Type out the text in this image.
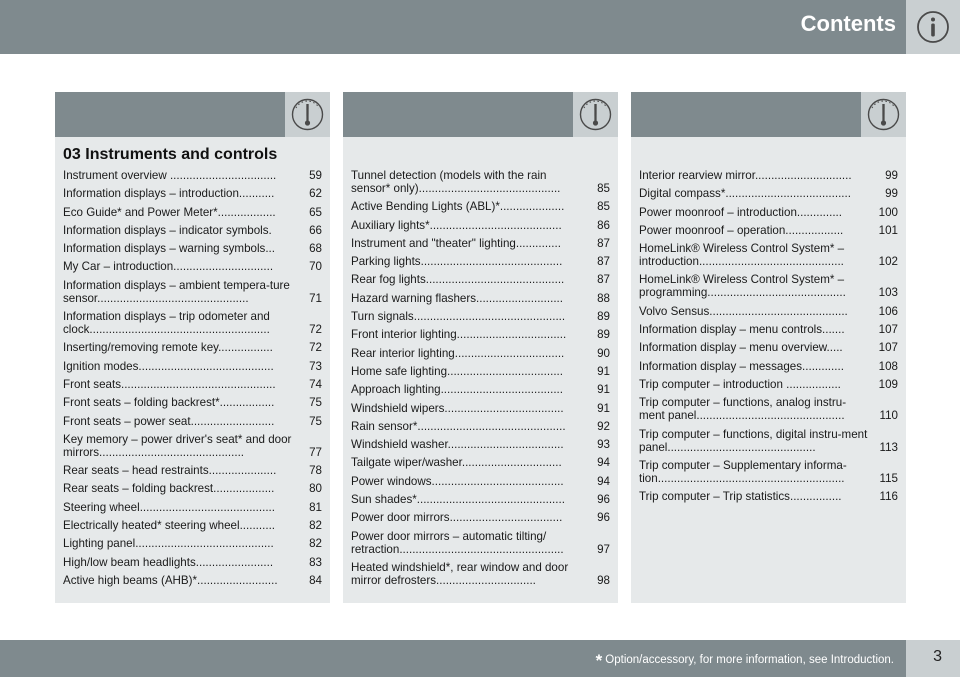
Contents
03 Instruments and controls
Instrument overview .................................	59
Information displays – introduction...........	62
Eco Guide* and Power Meter*..................	65
Information displays – indicator symbols.	66
Information displays – warning symbols...	68
My Car – introduction...............................	70
Information displays – ambient tempera-ture sensor...............................................	71
Information displays – trip odometer and clock........................................................	72
Inserting/removing remote key.................	72
Ignition modes..........................................	73
Front seats................................................	74
Front seats – folding backrest*.................	75
Front seats – power seat..........................	75
Key memory – power driver's seat* and door mirrors.............................................	77
Rear seats – head restraints.....................	78
Rear seats – folding backrest...................	80
Steering wheel..........................................	81
Electrically heated* steering wheel...........	82
Lighting panel...........................................	82
High/low beam headlights........................	83
Active high beams (AHB)*.........................	84
Tunnel detection (models with the rain sensor* only)............................................	85
Active Bending Lights (ABL)*....................	85
Auxiliary lights*.........................................	86
Instrument and "theater" lighting..............	87
Parking lights............................................	87
Rear fog lights...........................................	87
Hazard warning flashers...........................	88
Turn signals...............................................	89
Front interior lighting..................................	89
Rear interior lighting..................................	90
Home safe lighting....................................	91
Approach lighting......................................	91
Windshield wipers.....................................	91
Rain sensor*..............................................	92
Windshield washer....................................	93
Tailgate wiper/washer...............................	94
Power windows.........................................	94
Sun shades*..............................................	96
Power door mirrors...................................	96
Power door mirrors – automatic tilting/ retraction...................................................	97
Heated windshield*, rear window and door mirror defrosters...............................	98
Interior rearview mirror..............................	99
Digital compass*.......................................	99
Power moonroof – introduction..............	100
Power moonroof – operation..................	101
HomeLink® Wireless Control System* – introduction.............................................	102
HomeLink® Wireless Control System* – programming...........................................	103
Volvo Sensus...........................................	106
Information display – menu controls.......	107
Information display – menu overview.....	107
Information display – messages.............	108
Trip computer – introduction .................	109
Trip computer – functions, analog instru-ment panel..............................................	110
Trip computer – functions, digital instru-ment panel..............................................	113
Trip computer – Supplementary informa-tion..........................................................	115
Trip computer – Trip statistics................	116
* Option/accessory, for more information, see Introduction. 3
